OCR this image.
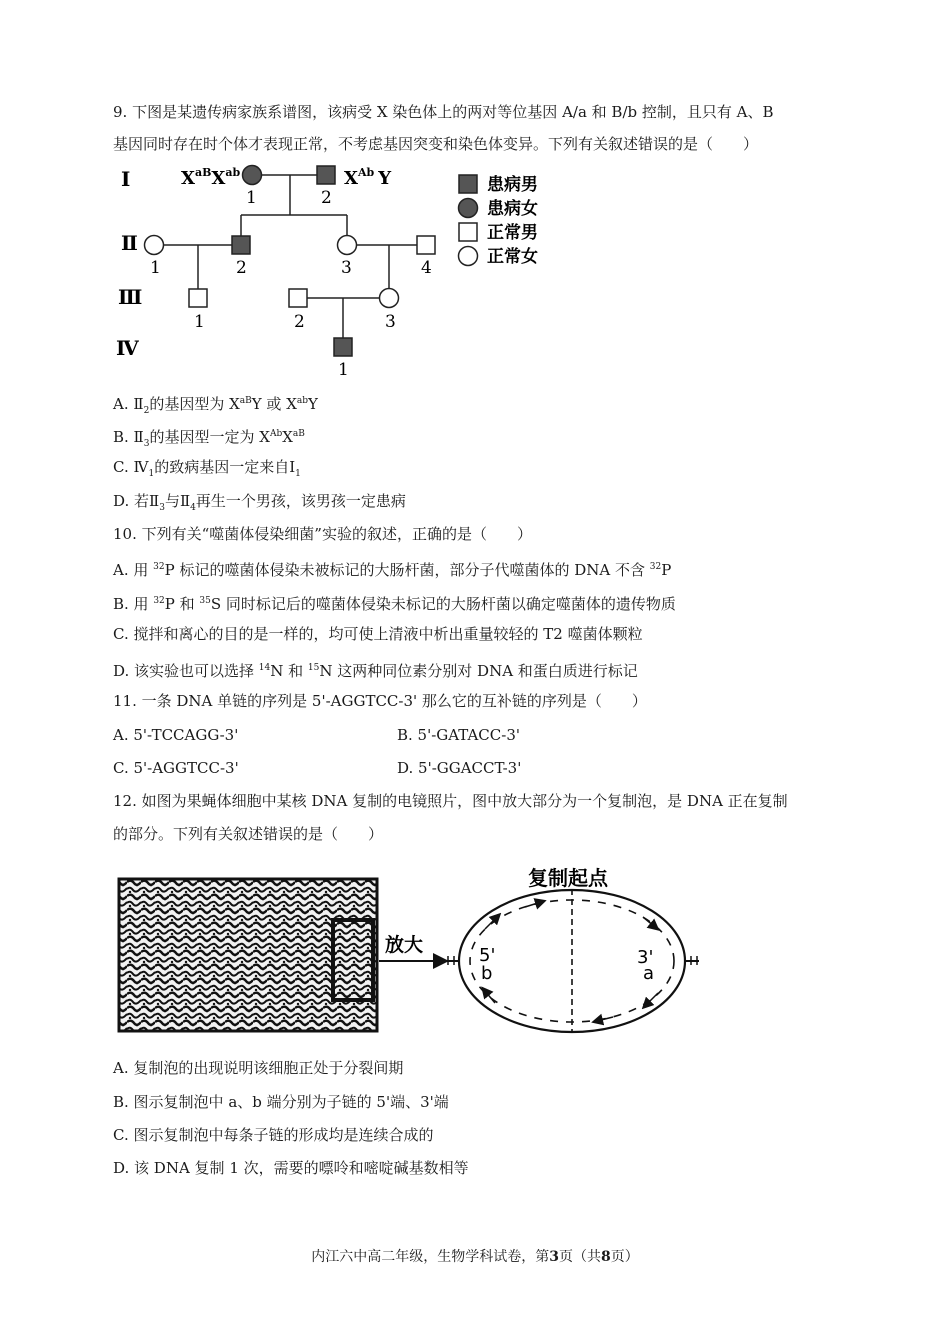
9. 下图是某遗传病家族系谱图，该病受 X 染色体上的两对等位基因 A/a 和 B/b 控制，且只有 A、B
基因同时存在时个体才表现正常，不考虑基因突变和染色体变异。下列有关叙述错误的是（　　）
Ⅰ
Ⅱ
Ⅲ
Ⅳ
$X^{aB}X^{ab}$	$X^{Ab}$ Y
1	2
1	2	3	4
1	2	3
1
患病男
患病女
正常男
正常女
A. $Ⅱ_2$的基因型为 $X^{aB}Y$ 或 $X^{ab}Y$
B. $Ⅱ_3$的基因型一定为 $X^{Ab}X^{aB}$
C. $Ⅳ_1$的致病基因一定来自$Ⅰ_1$
D. 若$Ⅱ_3$与$Ⅱ_4$再生一个男孩，该男孩一定患病
10. 下列有关“噬菌体侵染细菌”实验的叙述，正确的是（　　）
A. 用 $^{32}$P 标记的噬菌体侵染未被标记的大肠杆菌，部分子代噬菌体的 DNA 不含 $^{32}$P
B. 用 $^{32}$P 和 $^{35}$S 同时标记后的噬菌体侵染未标记的大肠杆菌以确定噬菌体的遗传物质
C. 搅拌和离心的目的是一样的，均可使上清液中析出重量较轻的 T2 噬菌体颗粒
D. 该实验也可以选择 $^{14}$N 和 $^{15}$N 这两种同位素分别对 DNA 和蛋白质进行标记
11. 一条 DNA 单链的序列是 5'-AGGTCC-3' 那么它的互补链的序列是（　　）
A. 5'-TCCAGG-3'	B. 5'-GATACC-3'
C. 5'-AGGTCC-3'	D. 5'-GGACCT-3'
12. 如图为果蝇体细胞中某核 DNA 复制的电镜照片，图中放大部分为一个复制泡，是 DNA 正在复制
的部分。下列有关叙述错误的是（　　）
放大
复制起点
5'
b
3'
a
A. 复制泡的出现说明该细胞正处于分裂间期
B. 图示复制泡中 a、b 端分别为子链的 5'端、3'端
C. 图示复制泡中每条子链的形成均是连续合成的
D. 该 DNA 复制 1 次，需要的嘌呤和嘧啶碱基数相等
内江六中高二年级，生物学科试卷，第3页（共8页）
